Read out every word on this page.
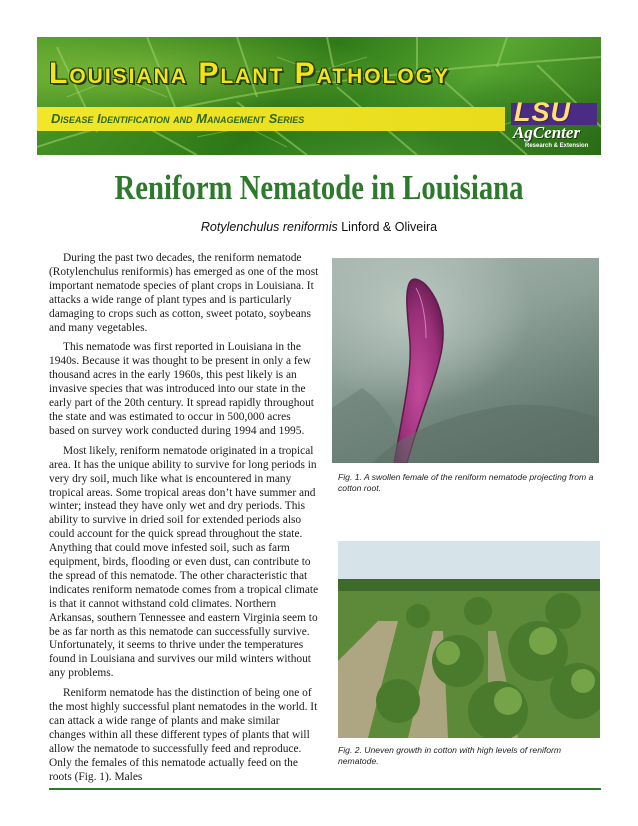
Louisiana Plant Pathology
Disease Identification and Management Series	LSU
AgCenter
Research & Extension
Reniform Nematode in Louisiana
Rotylenchulus reniformis Linford & Oliveira

During the past two decades, the reniform nematode (Rotylenchulus reniformis) has emerged as one of the most important nematode species of plant crops in Louisiana. It attacks a wide range of plant types and is particularly damaging to crops such as cotton, sweet potato, soybeans and many vegetables.

This nematode was first reported in Louisiana in the 1940s. Because it was thought to be present in only a few thousand acres in the early 1960s, this pest likely is an invasive species that was introduced into our state in the early part of the 20th century. It spread rapidly throughout the state and was estimated to occur in 500,000 acres based on survey work conducted during 1994 and 1995.

Most likely, reniform nematode originated in a tropical area. It has the unique ability to survive for long periods in very dry soil, much like what is encountered in many tropical areas. Some tropical areas don’t have summer and winter; instead they have only wet and dry periods. This ability to survive in dried soil for extended periods also could account for the quick spread throughout the state. Anything that could move infested soil, such as farm equipment, birds, flooding or even dust, can contribute to the spread of this nematode. The other characteristic that indicates reniform nematode comes from a tropical climate is that it cannot withstand cold climates. Northern Arkansas, southern Tennessee and eastern Virginia seem to be as far north as this nematode can successfully survive. Unfortunately, it seems to thrive under the temperatures found in Louisiana and survives our mild winters without any problems.

Reniform nematode has the distinction of being one of the most highly successful plant nematodes in the world. It can attack a wide range of plants and make similar changes within all these different types of plants that will allow the nematode to successfully feed and reproduce. Only the females of this nematode actually feed on the roots (Fig. 1). Males

Fig. 1. A swollen female of the reniform nematode projecting from a cotton root.
Fig. 2. Uneven growth in cotton with high levels of reniform nematode.
